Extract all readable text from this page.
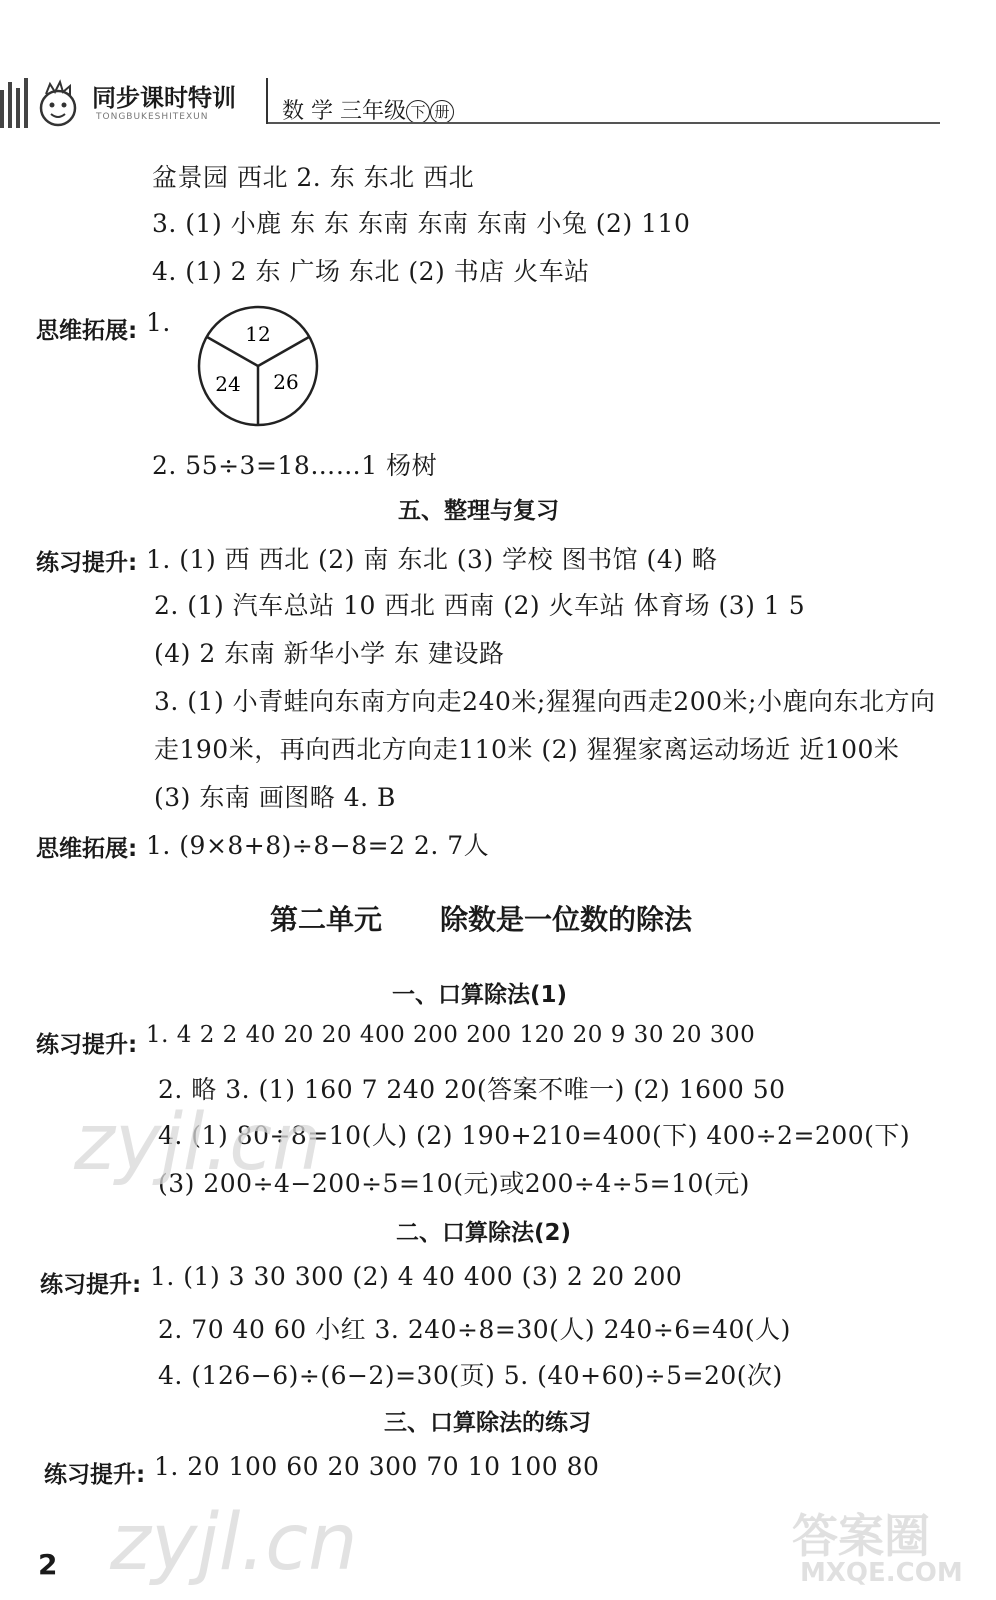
同步课时特训
TONGBUKESHITEXUN	数 学 三年级 下 册
盆景园 西北 2. 东 东北 西北
3. (1) 小鹿 东 东 东南 东南 东南 小兔 (2) 110
4. (1) 2 东 广场 东北 (2) 书店 火车站
思维拓展: 1.	12
24 26
2. 55÷3=18……1 杨树
五、整理与复习
练习提升: 1. (1) 西 西北 (2) 南 东北 (3) 学校 图书馆 (4) 略
2. (1) 汽车总站 10 西北 西南 (2) 火车站 体育场 (3) 1 5
(4) 2 东南 新华小学 东 建设路
3. (1) 小青蛙向东南方向走240米;猩猩向西走200米;小鹿向东北方向
走190米，再向西北方向走110米 (2) 猩猩家离运动场近 近100米
(3) 东南 画图略 4. B
思维拓展: 1. (9×8+8)÷8−8=2 2. 7人
第二单元 除数是一位数的除法
一、口算除法(1)
练习提升: 1. 4 2 2 40 20 20 400 200 200 120 20 9 30 20 300
2. 略 3. (1) 160 7 240 20(答案不唯一) (2) 1600 50
4. (1) 80÷8=10(人) (2) 190+210=400(下) 400÷2=200(下)
(3) 200÷4−200÷5=10(元)或200÷4÷5=10(元)
二、口算除法(2)
练习提升: 1. (1) 3 30 300 (2) 4 40 400 (3) 2 20 200
2. 70 40 60 小红 3. 240÷8=30(人) 240÷6=40(人)
4. (126−6)÷(6−2)=30(页) 5. (40+60)÷5=20(次)
三、口算除法的练习
练习提升: 1. 20 100 60 20 300 70 10 100 80
zyjl.cn
zyjl.cn	答案圈
MXQE.COM
2
